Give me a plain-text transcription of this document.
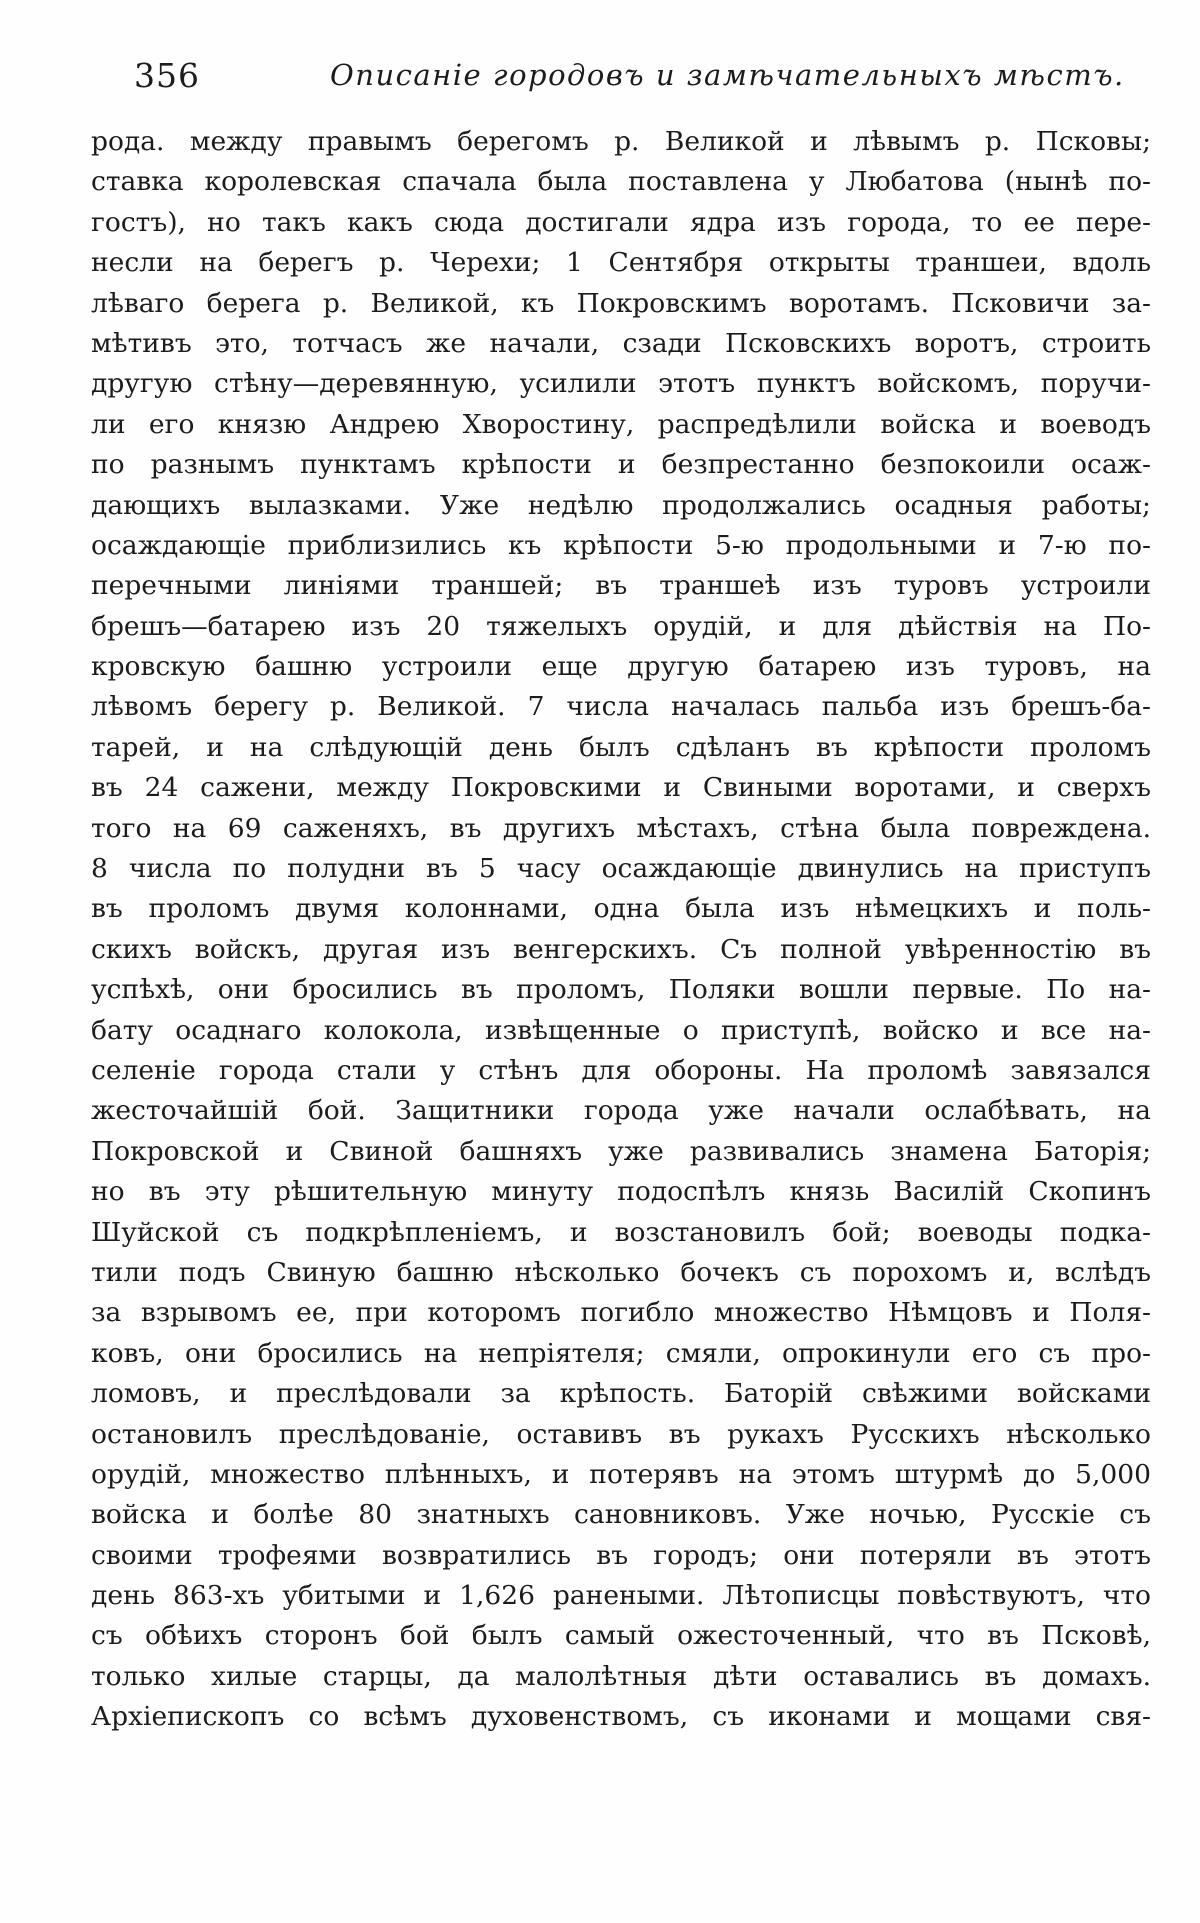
356	Описаніе городовъ и замѣчательныхъ мѣстъ.
рода. между правымъ берегомъ р. Великой и лѣвымъ р. Псковы;
ставка королевская спачала была поставлена у Любатова (нынѣ по-
гостъ), но такъ какъ сюда достигали ядра изъ города, то ее пере-
несли на берегъ р. Черехи; 1 Сентября открыты траншеи, вдоль
лѣваго берега р. Великой, къ Покровскимъ воротамъ. Псковичи за-
мѣтивъ это, тотчасъ же начали, сзади Псковскихъ воротъ, строить
другую стѣну—деревянную, усилили этотъ пунктъ войскомъ, поручи-
ли его князю Андрею Хворостину, распредѣлили войска и воеводъ
по разнымъ пунктамъ крѣпости и безпрестанно безпокоили осаж-
дающихъ вылазками. Уже недѣлю продолжались осадныя работы;
осаждающіе приблизились къ крѣпости 5-ю продольными и 7-ю по-
перечными линіями траншей; въ траншеѣ изъ туровъ устроили
брешъ—батарею изъ 20 тяжелыхъ орудій, и для дѣйствія на По-
кровскую башню устроили еще другую батарею изъ туровъ, на
лѣвомъ берегу р. Великой. 7 числа началась пальба изъ брешъ-ба-
тарей, и на слѣдующій день былъ сдѣланъ въ крѣпости проломъ
въ 24 сажени, между Покровскими и Свиными воротами, и сверхъ
того на 69 саженяхъ, въ другихъ мѣстахъ, стѣна была повреждена.
8 числа по полудни въ 5 часу осаждающіе двинулись на приступъ
въ проломъ двумя колоннами, одна была изъ нѣмецкихъ и поль-
скихъ войскъ, другая изъ венгерскихъ. Съ полной увѣренностію въ
успѣхѣ, они бросились въ проломъ, Поляки вошли первые. По на-
бату осаднаго колокола, извѣщенные о приступѣ, войско и все на-
селеніе города стали у стѣнъ для обороны. На проломѣ завязался
жесточайшій бой. Защитники города уже начали ослабѣвать, на
Покровской и Свиной башняхъ уже развивались знамена Баторія;
но въ эту рѣшительную минуту подоспѣлъ князь Василій Скопинъ
Шуйской съ подкрѣпленіемъ, и возстановилъ бой; воеводы подка-
тили подъ Свиную башню нѣсколько бочекъ съ порохомъ и, вслѣдъ
за взрывомъ ее, при которомъ погибло множество Нѣмцовъ и Поля-
ковъ, они бросились на непріятеля; смяли, опрокинули его съ про-
ломовъ, и преслѣдовали за крѣпость. Баторій свѣжими войсками
остановилъ преслѣдованіе, оставивъ въ рукахъ Русскихъ нѣсколько
орудій, множество плѣнныхъ, и потерявъ на этомъ штурмѣ до 5,000
войска и болѣе 80 знатныхъ сановниковъ. Уже ночью, Русскіе съ
своими трофеями возвратились въ городъ; они потеряли въ этотъ
день 863-хъ убитыми и 1,626 ранеными. Лѣтописцы повѣствуютъ, что
съ обѣихъ сторонъ бой былъ самый ожесточенный, что въ Псковѣ,
только хилые старцы, да малолѣтныя дѣти оставались въ домахъ.
Архіепископъ со всѣмъ духовенствомъ, съ иконами и мощами свя-
